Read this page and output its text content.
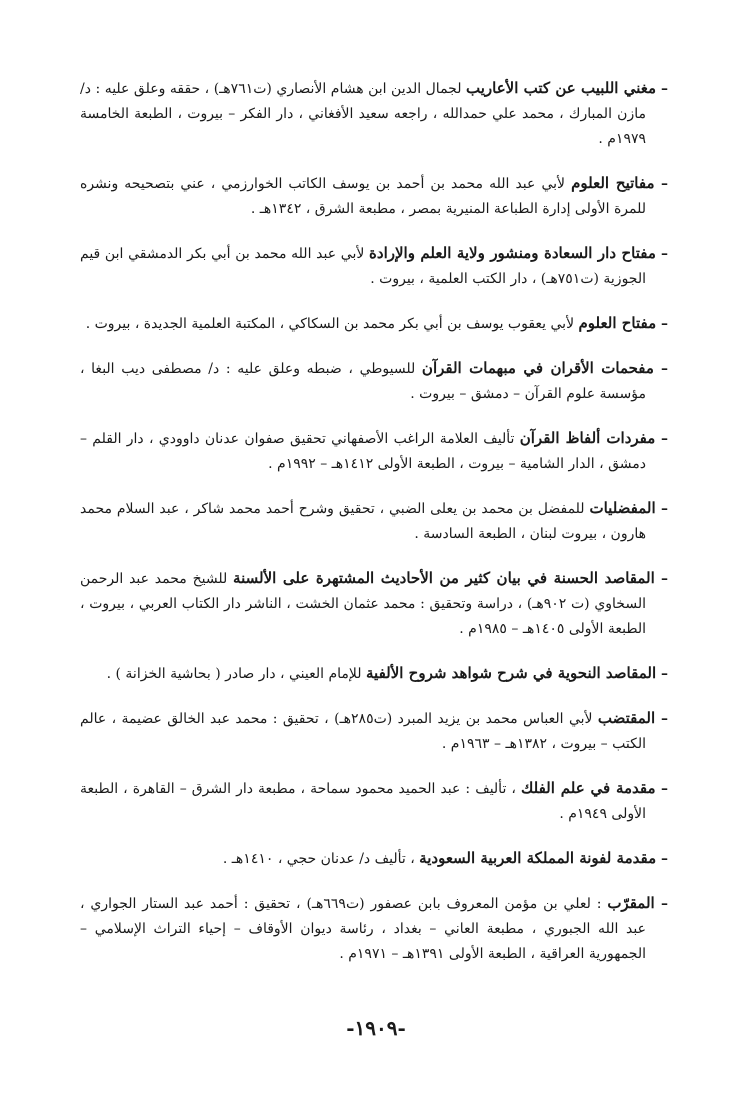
– مغني اللبيب عن كتب الأعاريب لجمال الدين ابن هشام الأنصاري (ت٧٦١هـ) ، حققه وعلق عليه : د/ مازن المبارك ، محمد علي حمدالله ، راجعه سعيد الأفغاني ، دار الفكر – بيروت ، الطبعة الخامسة ١٩٧٩م .

– مفاتيح العلوم لأبي عبد الله محمد بن أحمد بن يوسف الكاتب الخوارزمي ، عني بتصحيحه ونشره للمرة الأولى إدارة الطباعة المنيرية بمصر ، مطبعة الشرق ، ١٣٤٢هـ .

– مفتاح دار السعادة ومنشور ولاية العلم والإرادة لأبي عبد الله محمد بن أبي بكر الدمشقي ابن قيم الجوزية (ت٧٥١هـ) ، دار الكتب العلمية ، بيروت .

– مفتاح العلوم لأبي يعقوب يوسف بن أبي بكر محمد بن السكاكي ، المكتبة العلمية الجديدة ، بيروت .

– مفحمات الأقران في مبهمات القرآن للسيوطي ، ضبطه وعلق عليه : د/ مصطفى ديب البغا ، مؤسسة علوم القرآن – دمشق – بيروت .

– مفردات ألفاظ القرآن تأليف العلامة الراغب الأصفهاني تحقيق صفوان عدنان داوودي ، دار القلم – دمشق ، الدار الشامية – بيروت ، الطبعة الأولى ١٤١٢هـ – ١٩٩٢م .

– المفضليات للمفضل بن محمد بن يعلى الضبي ، تحقيق وشرح أحمد محمد شاكر ، عبد السلام محمد هارون ، بيروت لبنان ، الطبعة السادسة .

– المقاصد الحسنة في بيان كثير من الأحاديث المشتهرة على الألسنة للشيخ محمد عبد الرحمن السخاوي (ت ٩٠٢هـ) ، دراسة وتحقيق : محمد عثمان الخشت ، الناشر دار الكتاب العربي ، بيروت ، الطبعة الأولى ١٤٠٥هـ – ١٩٨٥م .

– المقاصد النحوية في شرح شواهد شروح الألفية للإمام العيني ، دار صادر ( بحاشية الخزانة ) .

– المقتضب لأبي العباس محمد بن يزيد المبرد (ت٢٨٥هـ) ، تحقيق : محمد عبد الخالق عضيمة ، عالم الكتب – بيروت ، ١٣٨٢هـ – ١٩٦٣م .

– مقدمة في علم الفلك ، تأليف : عبد الحميد محمود سماحة ، مطبعة دار الشرق – القاهرة ، الطبعة الأولى ١٩٤٩م .

– مقدمة لفونة المملكة العربية السعودية ، تأليف د/ عدنان حجي ، ١٤١٠هـ .

– المقرّب : لعلي بن مؤمن المعروف بابن عصفور (ت٦٦٩هـ) ، تحقيق : أحمد عبد الستار الجواري ، عبد الله الجبوري ، مطبعة العاني – بغداد ، رئاسة ديوان الأوقاف – إحياء التراث الإسلامي – الجمهورية العراقية ، الطبعة الأولى ١٣٩١هـ – ١٩٧١م .

-١٩٠٩-
